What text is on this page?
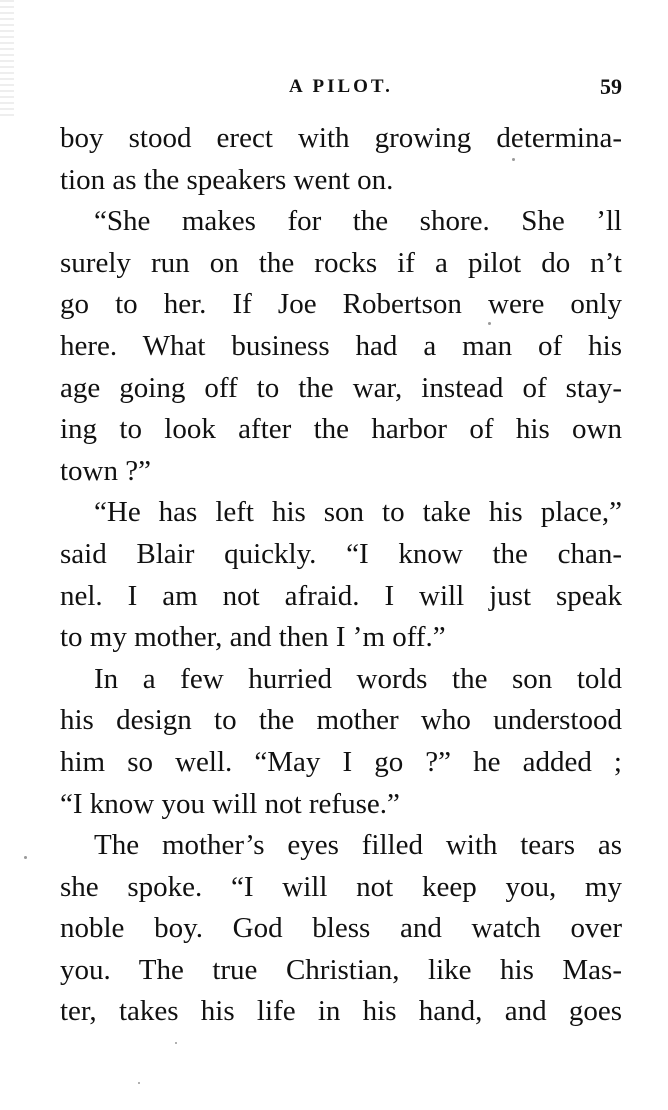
A PILOT.	59
boy stood erect with growing determina-
tion as the speakers went on.
“She makes for the shore. She ’ll
surely run on the rocks if a pilot do n’t
go to her. If Joe Robertson were only
here. What business had a man of his
age going off to the war, instead of stay-
ing to look after the harbor of his own
town ?”
“He has left his son to take his place,”
said Blair quickly. “I know the chan-
nel. I am not afraid. I will just speak
to my mother, and then I ’m off.”
In a few hurried words the son told
his design to the mother who understood
him so well. “May I go ?” he added ;
“I know you will not refuse.”
The mother’s eyes filled with tears as
she spoke. “I will not keep you, my
noble boy. God bless and watch over
you. The true Christian, like his Mas-
ter, takes his life in his hand, and goes
